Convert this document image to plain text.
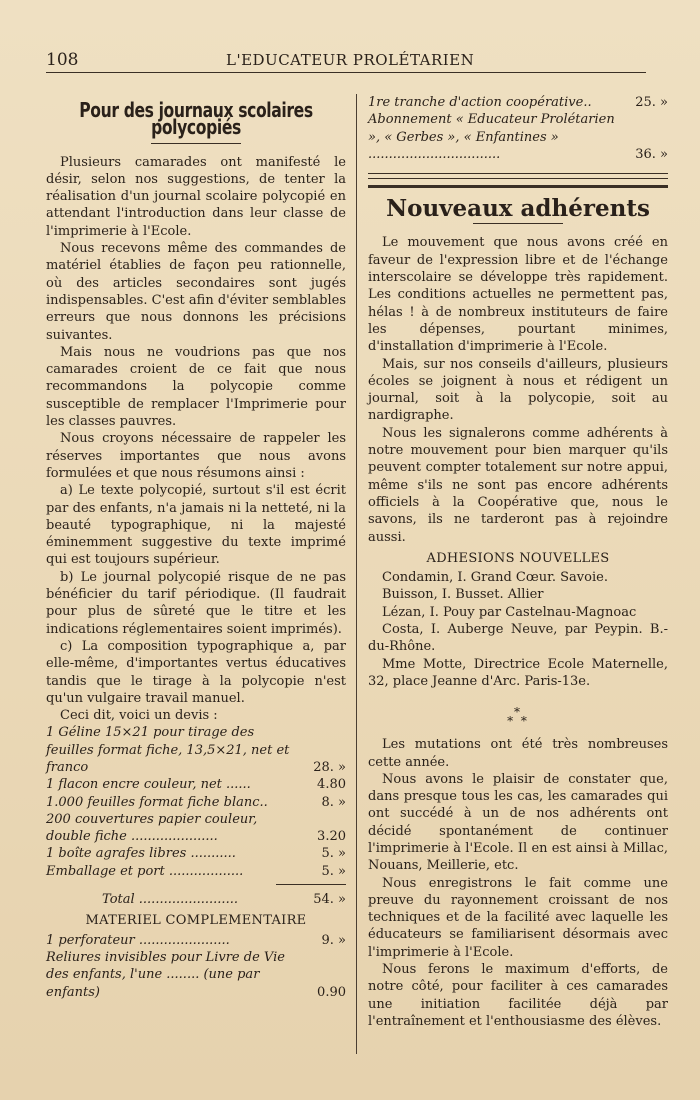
108	L'EDUCATEUR PROLÉTARIEN
Pour des journaux scolaires polycopiés

Plusieurs camarades ont manifesté le désir, selon nos suggestions, de tenter la réalisation d'un journal scolaire polycopié en attendant l'introduction dans leur classe de l'imprimerie à l'Ecole.

Nous recevons même des commandes de matériel établies de façon peu rationnelle, où des articles secondaires sont jugés indispensables. C'est afin d'éviter semblables erreurs que nous donnons les précisions suivantes.

Mais nous ne voudrions pas que nos camarades croient de ce fait que nous recommandons la polycopie comme susceptible de remplacer l'Imprimerie pour les classes pauvres.

Nous croyons nécessaire de rappeler les réserves importantes que nous avons formulées et que nous résumons ainsi :

a) Le texte polycopié, surtout s'il est écrit par des enfants, n'a jamais ni la netteté, ni la beauté typographique, ni la majesté éminemment suggestive du texte imprimé qui est toujours supérieur.

b) Le journal polycopié risque de ne pas bénéficier du tarif périodique. (Il faudrait pour plus de sûreté que le titre et les indications réglementaires soient imprimés).

c) La composition typographique a, par elle-même, d'importantes vertus éducatives tandis que le tirage à la polycopie n'est qu'un vulgaire travail manuel.

Ceci dit, voici un devis :

1 Géline 15×21 pour tirage des feuilles format fiche, 13,5×21, net et franco	28. »
1 flacon encre couleur, net ......	4.80
1.000 feuilles format fiche blanc..	8. »
200 couvertures papier couleur, double fiche .....................	3.20
1 boîte agrafes libres ...........	5. »
Emballage et port ..................	5. »
Total ........................	54. »
MATERIEL COMPLEMENTAIRE
1 perforateur ......................	9. »
Reliures invisibles pour Livre de Vie des enfants, l'une ........ (une par enfants)	0.90
1re tranche d'action coopérative..	25. »
Abonnement « Educateur Prolétarien », « Gerbes », « Enfantines » ................................	36. »
Nouveaux adhérents

Le mouvement que nous avons créé en faveur de l'expression libre et de l'échange interscolaire se développe très rapidement. Les conditions actuelles ne permettent pas, hélas ! à de nombreux instituteurs de faire les dépenses, pourtant minimes, d'installation d'imprimerie à l'Ecole.

Mais, sur nos conseils d'ailleurs, plusieurs écoles se joignent à nous et rédigent un journal, soit à la polycopie, soit au nardigraphe.

Nous les signalerons comme adhérents à notre mouvement pour bien marquer qu'ils peuvent compter totalement sur notre appui, même s'ils ne sont pas encore adhérents officiels à la Coopérative que, nous le savons, ils ne tarderont pas à rejoindre aussi.

ADHESIONS NOUVELLES

Condamin, I. Grand Cœur. Savoie.

Buisson, I. Busset. Allier

Lézan, I. Pouy par Castelnau-Magnoac

Costa, I. Auberge Neuve, par Peypin. B.-du-Rhône.

Mme Motte, Directrice Ecole Maternelle, 32, place Jeanne d'Arc. Paris-13e.

*
* *

Les mutations ont été très nombreuses cette année.

Nous avons le plaisir de constater que, dans presque tous les cas, les camarades qui ont succédé à un de nos adhérents ont décidé spontanément de continuer l'imprimerie à l'Ecole. Il en est ainsi à Millac, Nouans, Meillerie, etc.

Nous enregistrons le fait comme une preuve du rayonnement croissant de nos techniques et de la facilité avec laquelle les éducateurs se familiarisent désormais avec l'imprimerie à l'Ecole.

Nous ferons le maximum d'efforts, de notre côté, pour faciliter à ces camarades une initiation facilitée déjà par l'entraînement et l'enthousiasme des élèves.
